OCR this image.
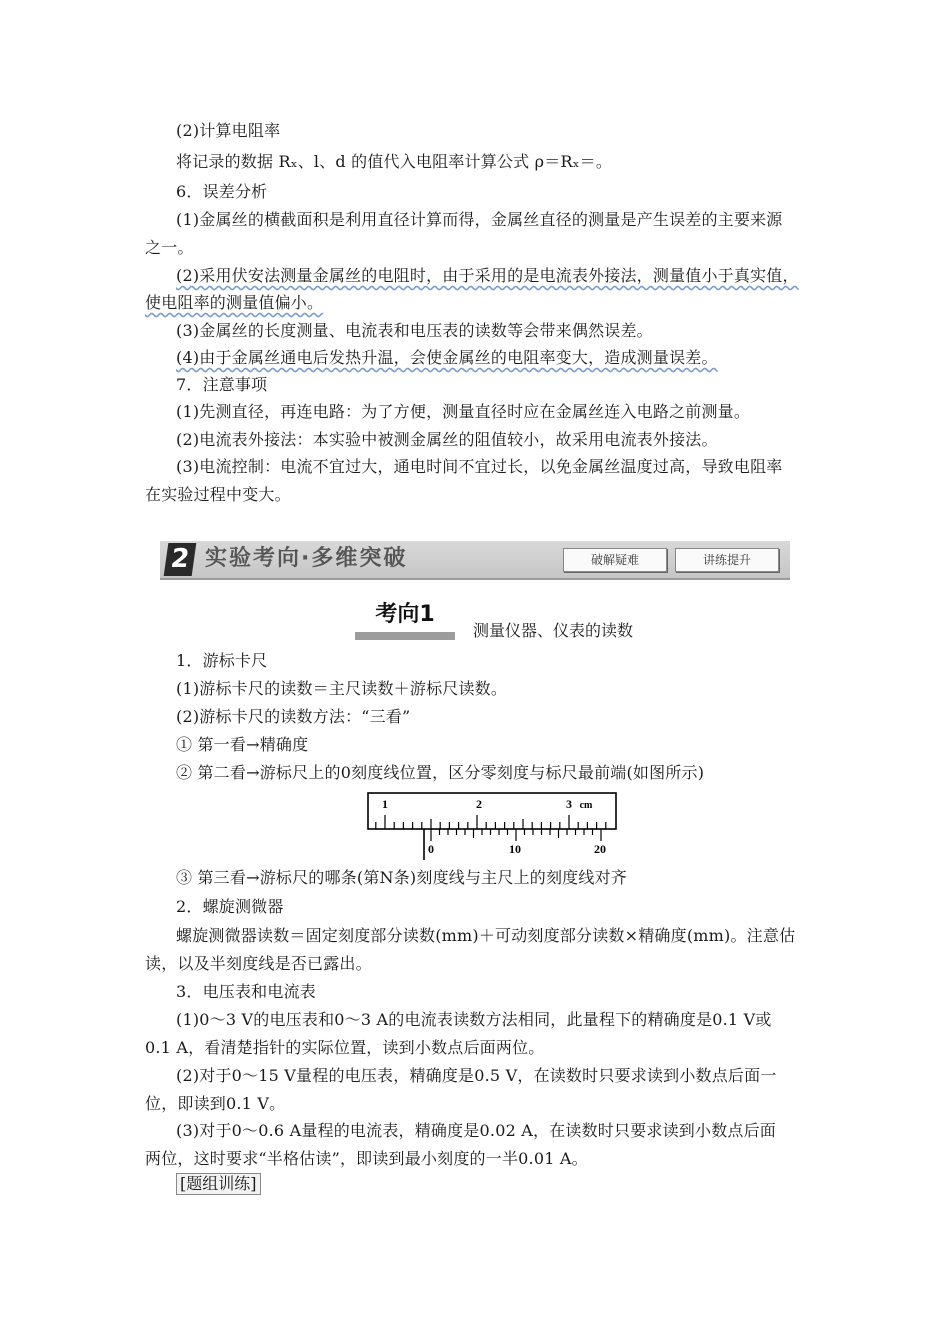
(2)计算电阻率

将记录的数据 Rₓ、l、d 的值代入电阻率计算公式 ρ＝Rₓ＝。

6．误差分析

(1)金属丝的横截面积是利用直径计算而得，金属丝直径的测量是产生误差的主要来源

之一。

(2)采用伏安法测量金属丝的电阻时，由于采用的是电流表外接法，测量值小于真实值，

使电阻率的测量值偏小。

(3)金属丝的长度测量、电流表和电压表的读数等会带来偶然误差。

(4)由于金属丝通电后发热升温，会使金属丝的电阻率变大，造成测量误差。

7．注意事项

(1)先测直径，再连电路：为了方便，测量直径时应在金属丝连入电路之前测量。

(2)电流表外接法：本实验中被测金属丝的阻值较小，故采用电流表外接法。

(3)电流控制：电流不宜过大，通电时间不宜过长，以免金属丝温度过高，导致电阻率

在实验过程中变大。

2 实验考向·多维突破	破解疑难	讲练提升
考向1
测量仪器、仪表的读数

1．游标卡尺

(1)游标卡尺的读数＝主尺读数＋游标尺读数。

(2)游标卡尺的读数方法：“三看”

① 第一看→精确度

② 第二看→游标尺上的0刻度线位置，区分零刻度与标尺最前端(如图所示)

1	2	3 cm
0	10	20

③ 第三看→游标尺的哪条(第N条)刻度线与主尺上的刻度线对齐

2．螺旋测微器

螺旋测微器读数＝固定刻度部分读数(mm)＋可动刻度部分读数×精确度(mm)。注意估

读，以及半刻度线是否已露出。

3．电压表和电流表

(1)0～3 V的电压表和0～3 A的电流表读数方法相同，此量程下的精确度是0.1 V或

0.1 A，看清楚指针的实际位置，读到小数点后面两位。

(2)对于0～15 V量程的电压表，精确度是0.5 V，在读数时只要求读到小数点后面一

位，即读到0.1 V。

(3)对于0～0.6 A量程的电流表，精确度是0.02 A，在读数时只要求读到小数点后面

两位，这时要求“半格估读”，即读到最小刻度的一半0.01 A。

[题组训练]
